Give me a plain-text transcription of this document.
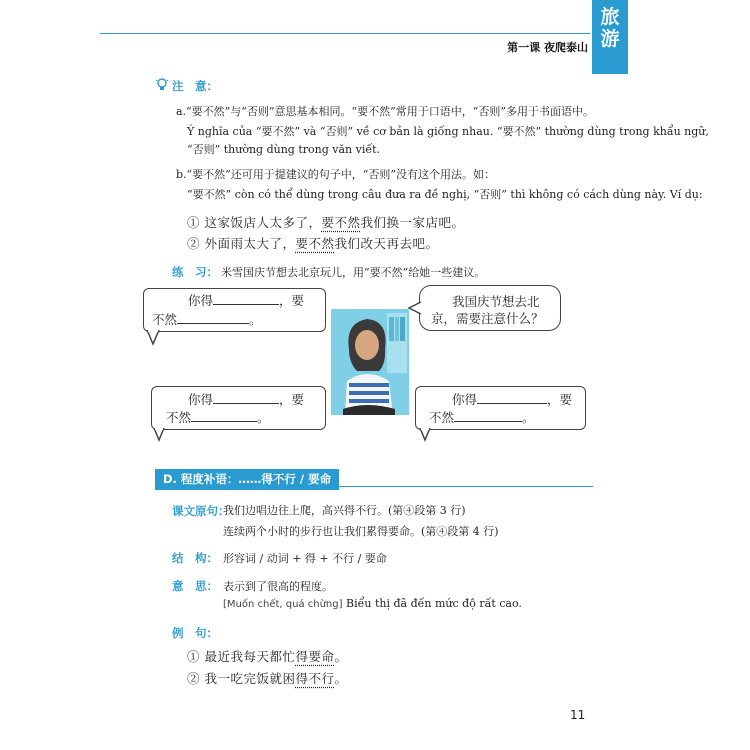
旅游
第一课 夜爬泰山
注　意：
a.“要不然”与“否则”意思基本相同。“要不然”常用于口语中，“否则”多用于书面语中。
Ý nghĩa của “要不然” và “否则” về cơ bản là giống nhau. “要不然” thường dùng trong khẩu ngữ,
“否则” thường dùng trong văn viết.
b.“要不然”还可用于提建议的句子中，“否则”没有这个用法。如：
“要不然” còn có thể dùng trong câu đưa ra đề nghị, “否则” thì không có cách dùng này. Ví dụ:
① 这家饭店人太多了，要不然我们换一家店吧。
② 外面雨太大了，要不然我们改天再去吧。
练　习： 米雪国庆节想去北京玩儿，用“要不然”给她一些建议。
你得	，要
不然	。
我国庆节想去北
京，需要注意什么？
你得	，要
不然	。
你得	，要
不然	。
D. 程度补语：……得不行 / 要命
课文原句：
我们边唱边往上爬，高兴得不行。(第④段第 3 行)
连续两个小时的步行也让我们累得要命。(第④段第 4 行)
结　构： 形容词 / 动词 + 得 + 不行 / 要命
意　思： 表示到了很高的程度。
[Muốn chết, quá chừng] Biểu thị đã đến mức độ rất cao.
例　句：
① 最近我每天都忙得要命。
② 我一吃完饭就困得不行。
11
